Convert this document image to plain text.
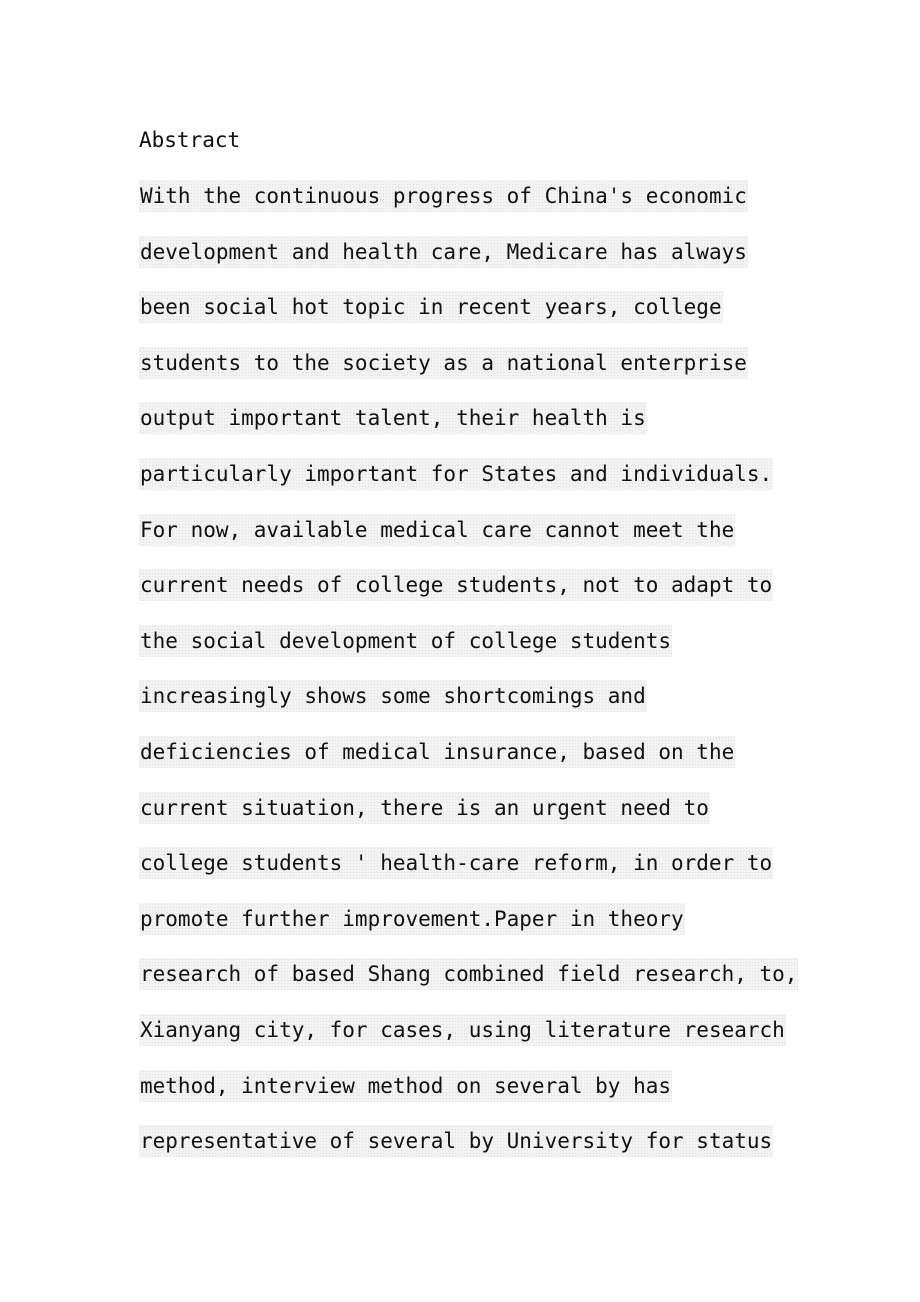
Abstract
With the continuous progress of China's economic
development and health care, Medicare has always
been social hot topic in recent years, college
students to the society as a national enterprise
output important talent, their health is
particularly important for States and individuals.
For now, available medical care cannot meet the
current needs of college students, not to adapt to
the social development of college students
increasingly shows some shortcomings and
deficiencies of medical insurance, based on the
current situation, there is an urgent need to
college students ' health-care reform, in order to
promote further improvement.Paper in theory
research of based Shang combined field research, to,
Xianyang city, for cases, using literature research
method, interview method on several by has
representative of several by University for status
